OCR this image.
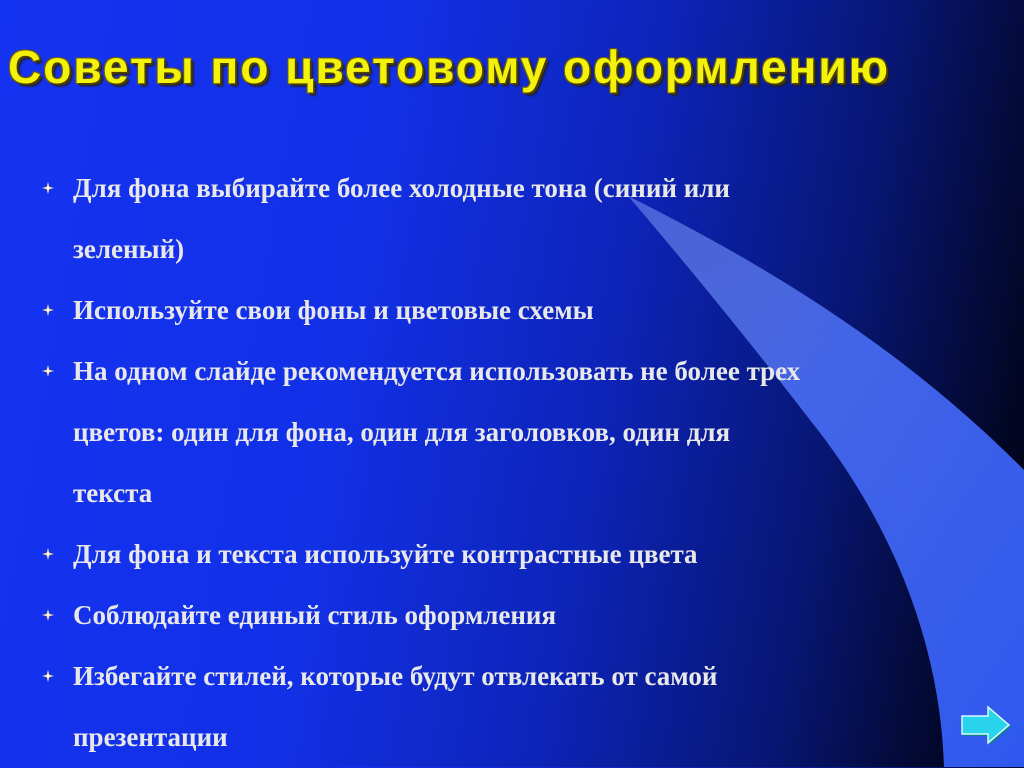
Советы по цветовому оформлению
Для фона выбирайте более холодные тона (синий или
зеленый)
Используйте свои фоны и цветовые схемы
На одном слайде рекомендуется использовать не более трех
цветов: один для фона, один для заголовков, один для
текста
Для фона и текста используйте контрастные цвета
Соблюдайте единый стиль оформления
Избегайте стилей, которые будут отвлекать от самой
презентации
